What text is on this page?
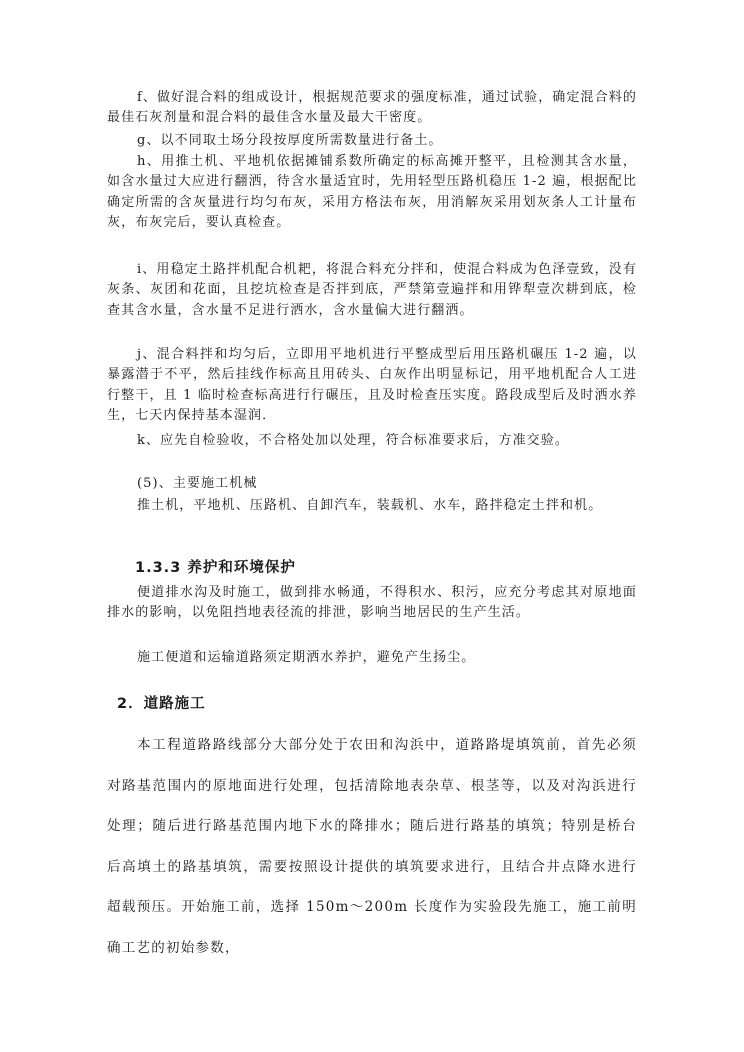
f、做好混合料的组成设计，根据规范要求的强度标准，通过试验，确定混合料的最佳石灰剂量和混合料的最佳含水量及最大干密度。

g、以不同取土场分段按厚度所需数量进行备土。

h、用推土机、平地机依据摊铺系数所确定的标高摊开整平，且检测其含水量，如含水量过大应进行翻洒，待含水量适宜时，先用轻型压路机稳压 1-2 遍，根据配比确定所需的含灰量进行均匀布灰，采用方格法布灰，用消解灰采用划灰条人工计量布灰，布灰完后，要认真检查。

i、用稳定土路拌机配合机耙，将混合料充分拌和，使混合料成为色泽壹致，没有灰条、灰团和花面，且挖坑检查是否拌到底，严禁第壹遍拌和用铧犁壹次耕到底，检查其含水量，含水量不足进行洒水，含水量偏大进行翻洒。

j、混合料拌和均匀后，立即用平地机进行平整成型后用压路机碾压 1-2 遍，以暴露潜于不平，然后挂线作标高且用砖头、白灰作出明显标记，用平地机配合人工进行整干，且 1 临时检查标高进行行碾压，且及时检查压实度。路段成型后及时洒水养生，七天内保持基本湿润．

k、应先自检验收，不合格处加以处理，符合标准要求后，方准交验。

(5)、主要施工机械

推土机，平地机、压路机、自卸汽车，装载机、水车，路拌稳定土拌和机。

1.3.3 养护和环境保护

便道排水沟及时施工，做到排水畅通，不得积水、积污，应充分考虑其对原地面排水的影响，以免阻挡地表径流的排泄，影响当地居民的生产生活。

施工便道和运输道路须定期洒水养护，避免产生扬尘。

2．道路施工

本工程道路路线部分大部分处于农田和沟浜中，道路路堤填筑前，首先必须对路基范围内的原地面进行处理，包括清除地表杂草、根茎等，以及对沟浜进行处理；随后进行路基范围内地下水的降排水；随后进行路基的填筑；特别是桥台后高填土的路基填筑，需要按照设计提供的填筑要求进行，且结合井点降水进行超载预压。开始施工前，选择 150m～200m 长度作为实验段先施工，施工前明确工艺的初始参数，
